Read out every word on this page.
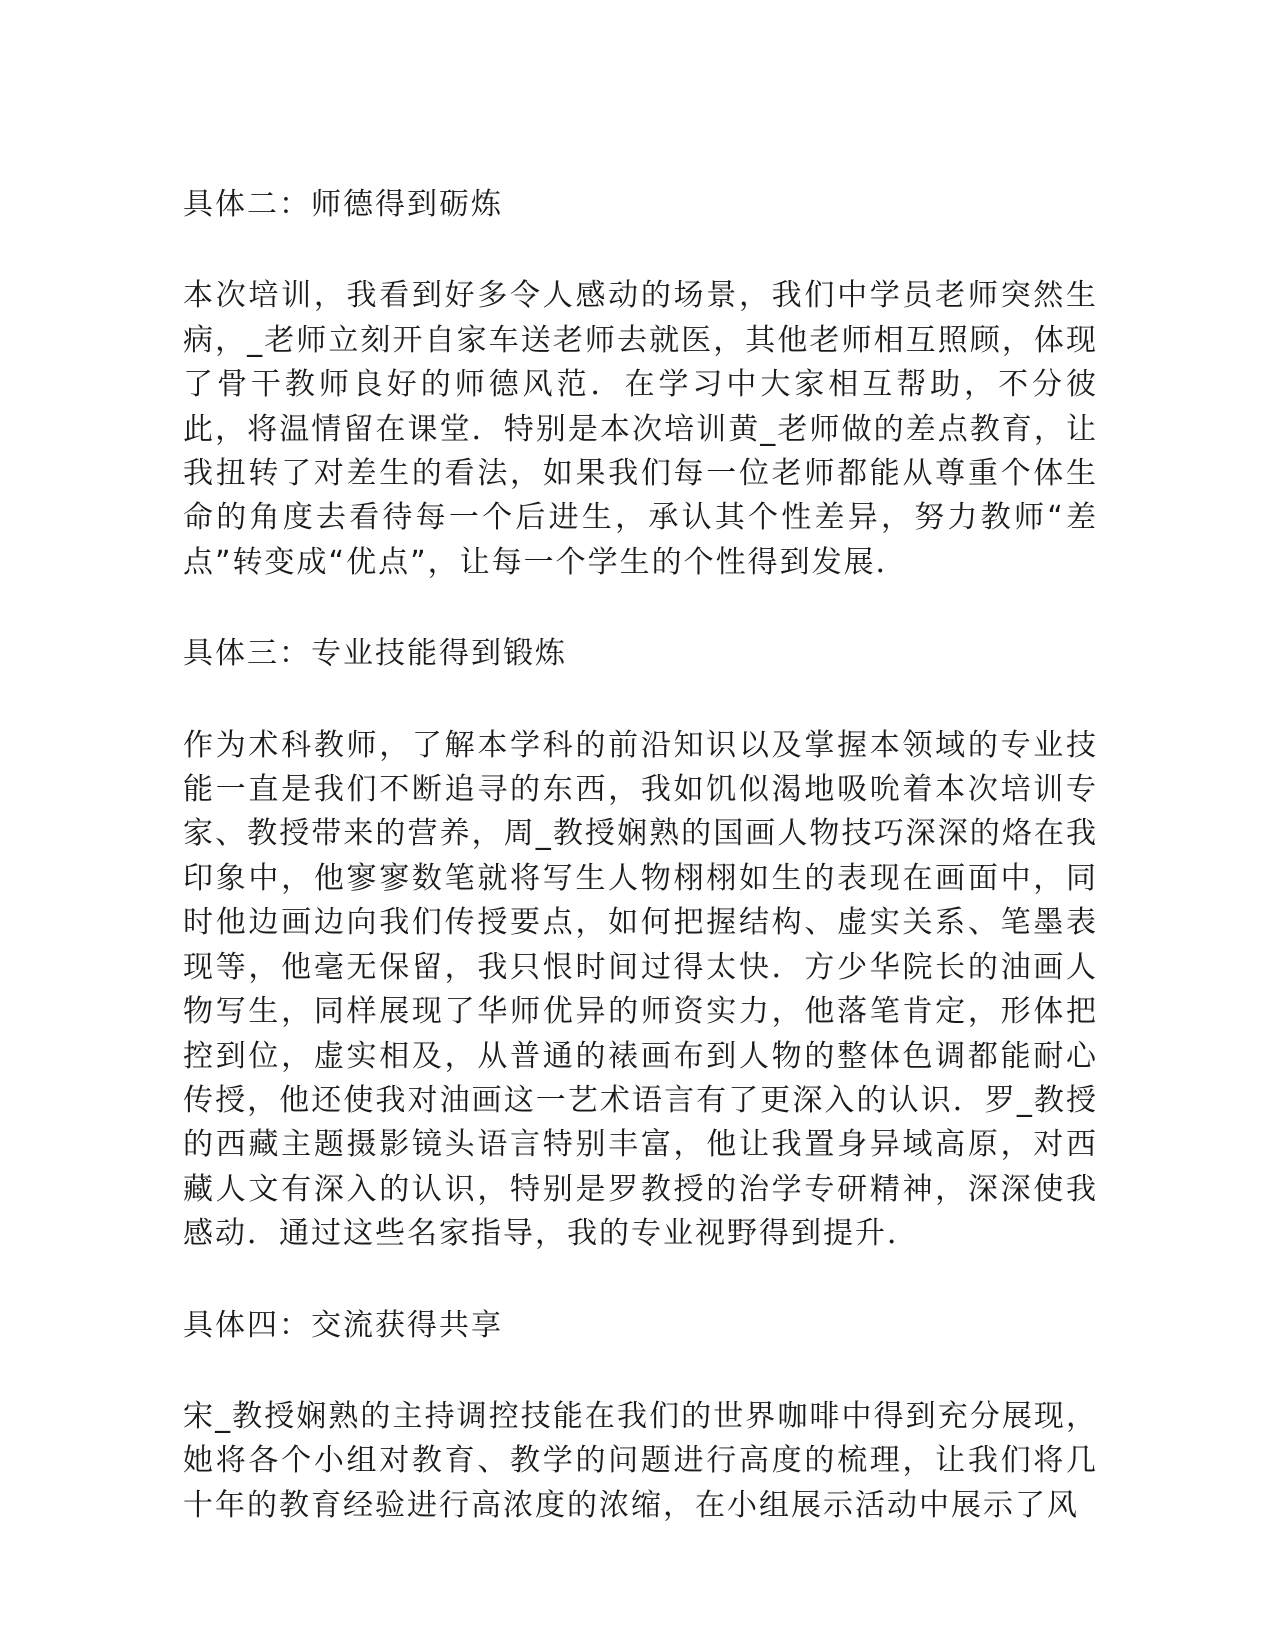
具体二：师德得到砺炼

本次培训，我看到好多令人感动的场景，我们中学员老师突然生病，_老师立刻开自家车送老师去就医，其他老师相互照顾，体现了骨干教师良好的师德风范．在学习中大家相互帮助，不分彼此，将温情留在课堂．特别是本次培训黄_老师做的差点教育，让我扭转了对差生的看法，如果我们每一位老师都能从尊重个体生命的角度去看待每一个后进生，承认其个性差异，努力教师“差点”转变成“优点”，让每一个学生的个性得到发展．

具体三：专业技能得到锻炼

作为术科教师，了解本学科的前沿知识以及掌握本领域的专业技能一直是我们不断追寻的东西，我如饥似渴地吸吮着本次培训专家、教授带来的营养，周_教授娴熟的国画人物技巧深深的烙在我印象中，他寥寥数笔就将写生人物栩栩如生的表现在画面中，同时他边画边向我们传授要点，如何把握结构、虚实关系、笔墨表现等，他毫无保留，我只恨时间过得太快．方少华院长的油画人物写生，同样展现了华师优异的师资实力，他落笔肯定，形体把控到位，虚实相及，从普通的裱画布到人物的整体色调都能耐心传授，他还使我对油画这一艺术语言有了更深入的认识．罗_教授的西藏主题摄影镜头语言特别丰富，他让我置身异域高原，对西藏人文有深入的认识，特别是罗教授的治学专研精神，深深使我感动．通过这些名家指导，我的专业视野得到提升．

具体四：交流获得共享

宋_教授娴熟的主持调控技能在我们的世界咖啡中得到充分展现，她将各个小组对教育、教学的问题进行高度的梳理，让我们将几十年的教育经验进行高浓度的浓缩，在小组展示活动中展示了风
